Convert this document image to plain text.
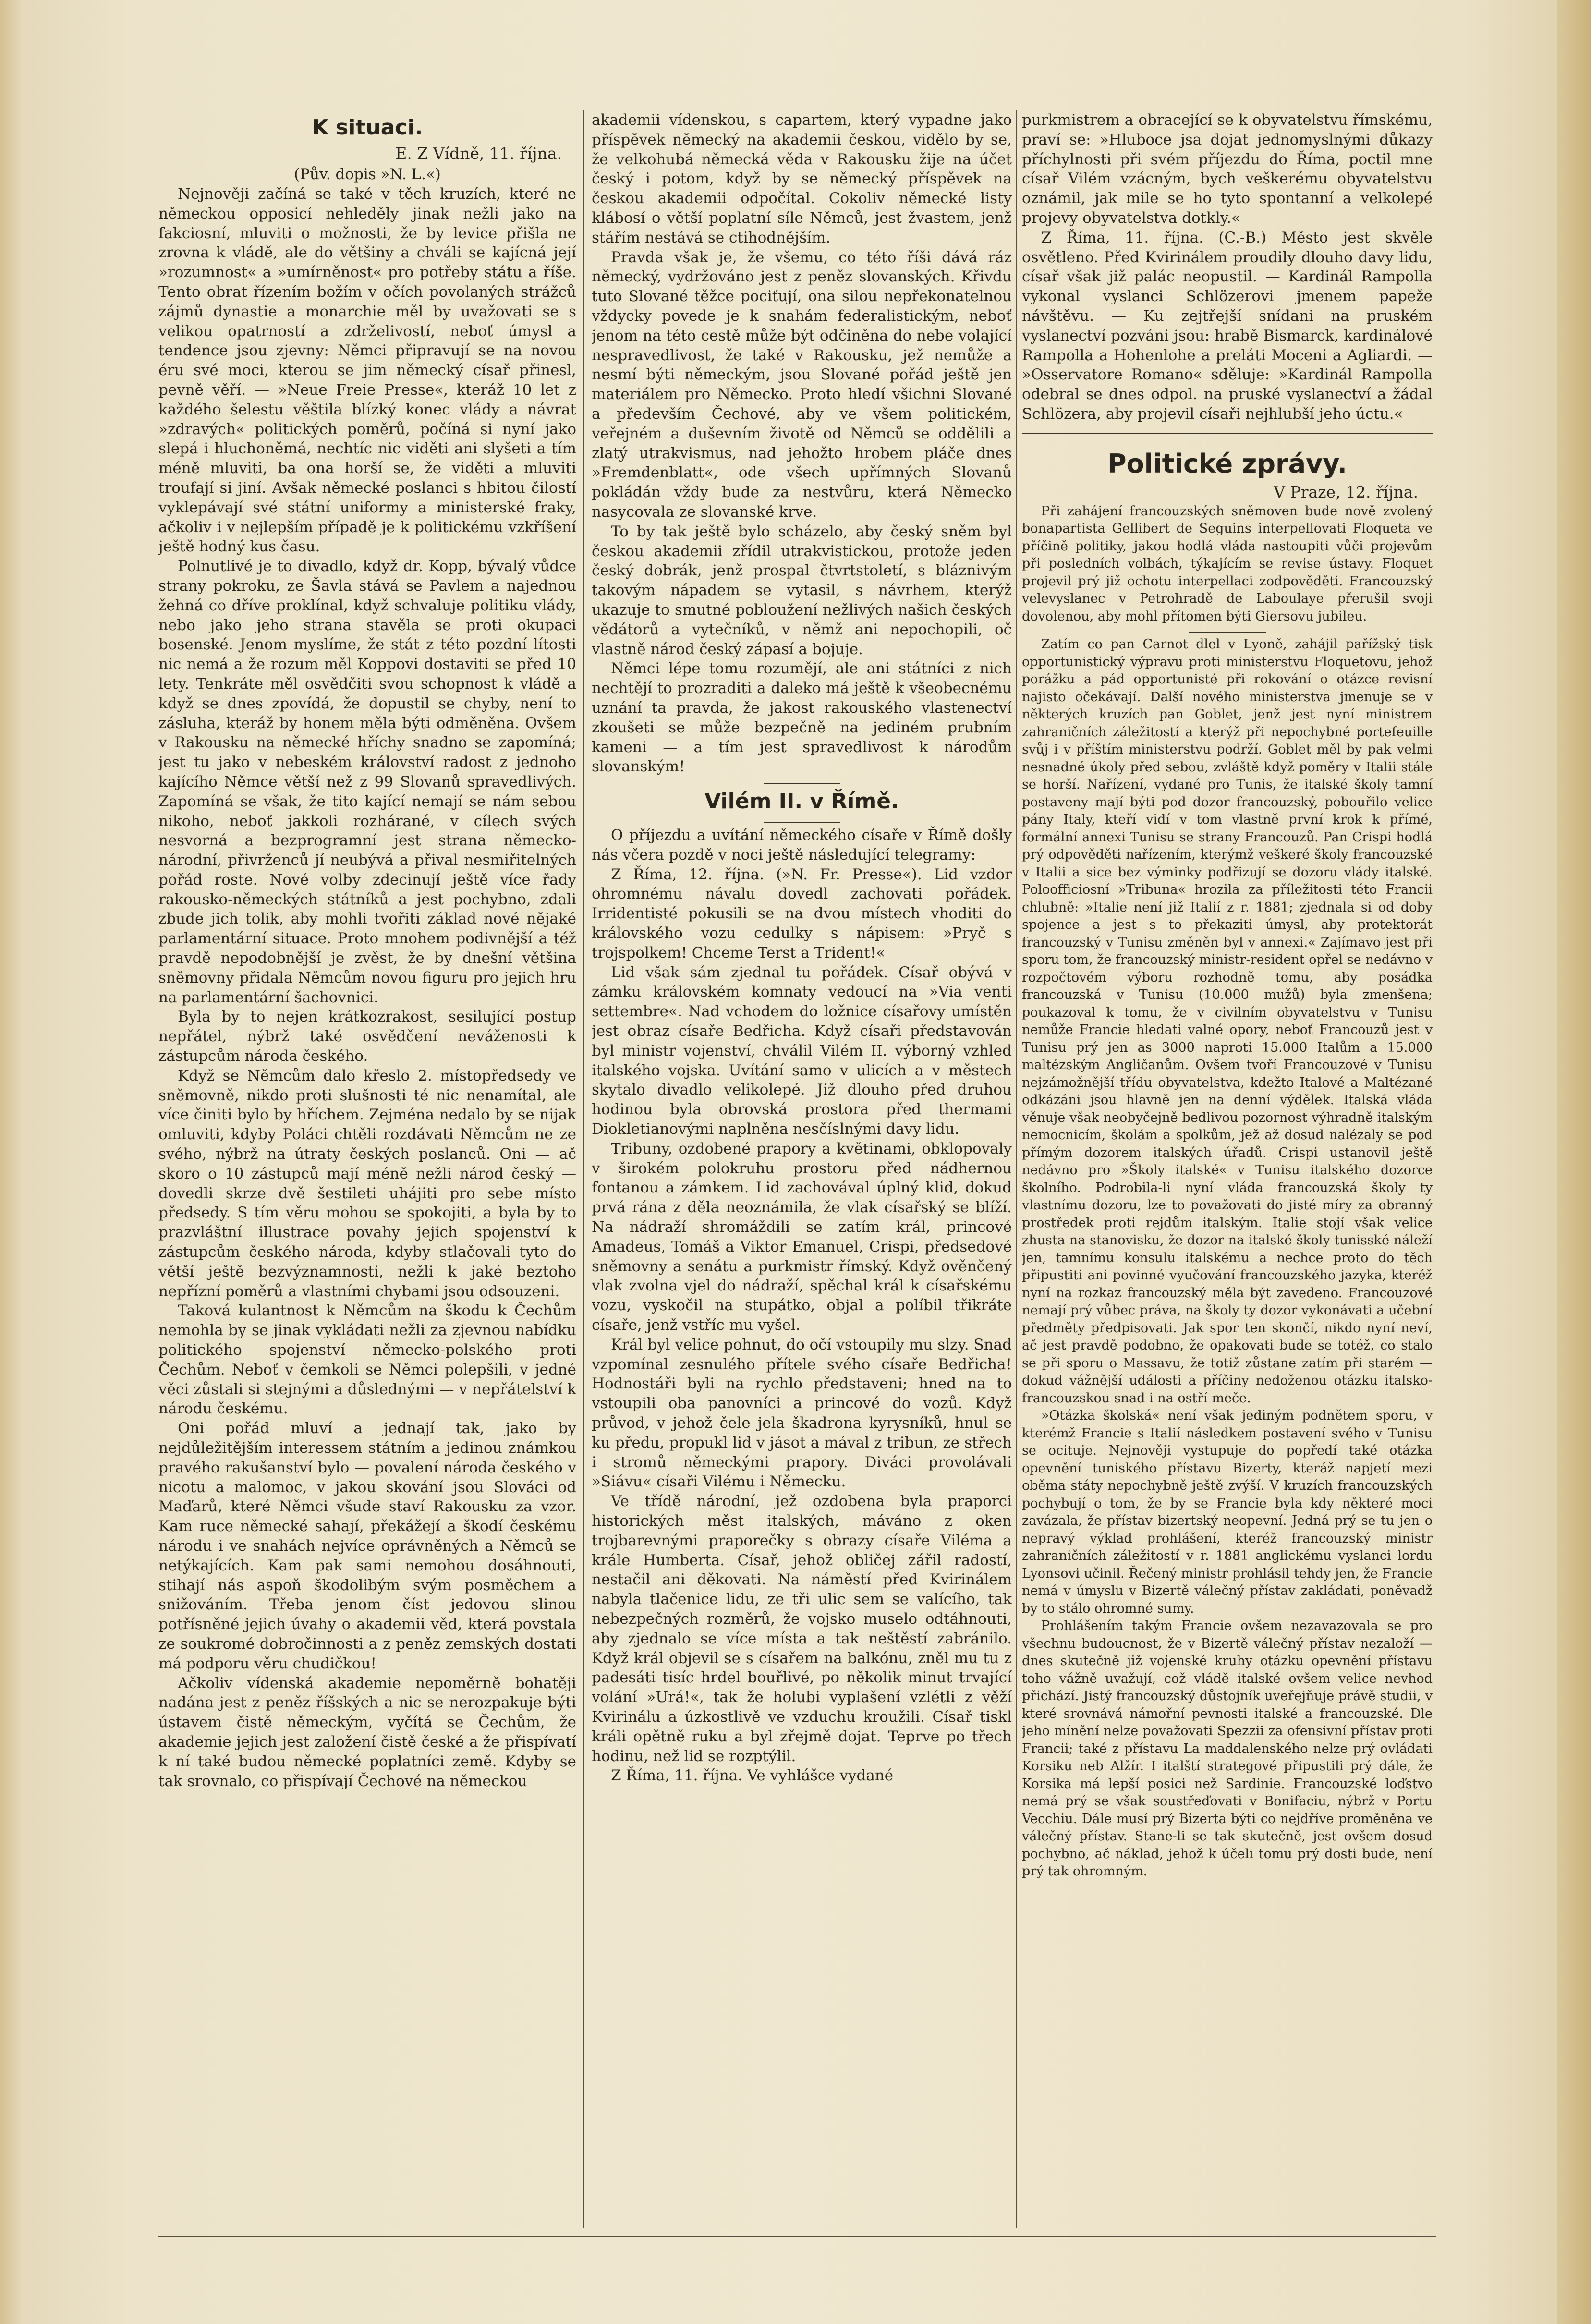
K situaci.
E. Z Vídně, 11. října.
(Pův. dopis »N. L.«)

Nejnověji začíná se také v těch kruzích, které ne německou opposicí nehleděly jinak nežli jako na fakciosní, mluviti o možnosti, že by levice přišla ne zrovna k vládě, ale do většiny a chváli se kajícná její »rozumnost« a »umírněnost« pro potřeby státu a říše. Tento obrat řízením božím v očích povolaných strážců zájmů dynastie a monarchie měl by uvažovati se s velikou opatrností a zdrželivostí, neboť úmysl a tendence jsou zjevny: Němci připravují se na novou éru své moci, kterou se jim německý císař přinesl, pevně věří. — »Neue Freie Presse«, kteráž 10 let z každého šelestu věštila blízký konec vlády a návrat »zdravých« politických poměrů, počíná si nyní jako slepá i hluchoněmá, nechtíc nic viděti ani slyšeti a tím méně mluviti, ba ona horší se, že viděti a mluviti troufají si jiní. Avšak německé poslanci s hbitou čilostí vyklepávají své státní uniformy a ministerské fraky, ačkoliv i v nejlepším případě je k politickému vzkříšení ještě hodný kus času.

Polnutlivé je to divadlo, když dr. Kopp, bývalý vůdce strany pokroku, ze Šavla stává se Pavlem a najednou žehná co dříve proklínal, když schvaluje politiku vlády, nebo jako jeho strana stavěla se proti okupaci bosenské. Jenom myslíme, že stát z této pozdní lítosti nic nemá a že rozum měl Koppovi dostaviti se před 10 lety. Tenkráte měl osvědčiti svou schopnost k vládě a když se dnes zpovídá, že dopustil se chyby, není to zásluha, kteráž by honem měla býti odměněna. Ovšem v Rakousku na německé hříchy snadno se zapomíná; jest tu jako v nebeském království radost z jednoho kajícího Němce větší než z 99 Slovanů spravedlivých. Zapomíná se však, že tito kající nemají se nám sebou nikoho, neboť jakkoli rozhárané, v cílech svých nesvorná a bezprogramní jest strana německo-národní, přivrženců jí neubývá a přival nesmiřitelných pořád roste. Nové volby zdecinují ještě více řady rakousko-německých státníků a jest pochybno, zdali zbude jich tolik, aby mohli tvořiti základ nové nějaké parlamentární situace. Proto mnohem podivnější a též pravdě nepodobnější je zvěst, že by dnešní většina sněmovny přidala Němcům novou figuru pro jejich hru na parlamentární šachovnici.

Byla by to nejen krátkozrakost, sesilující postup nepřátel, nýbrž také osvědčení neváženosti k zástupcům národa českého.

Když se Němcům dalo křeslo 2. místopředsedy ve sněmovně, nikdo proti slušnosti té nic nenamítal, ale více činiti bylo by hříchem. Zejména nedalo by se nijak omluviti, kdyby Poláci chtěli rozdávati Němcům ne ze svého, nýbrž na útraty českých poslanců. Oni — ač skoro o 10 zástupců mají méně nežli národ český — dovedli skrze dvě šestileti uhájiti pro sebe místo předsedy. S tím věru mohou se spokojiti, a byla by to prazvláštní illustrace povahy jejich spojenství k zástupcům českého národa, kdyby stlačovali tyto do větší ještě bezvýznamnosti, nežli k jaké beztoho nepřízní poměrů a vlastními chybami jsou odsouzeni.

Taková kulantnost k Němcům na škodu k Čechům nemohla by se jinak vykládati nežli za zjevnou nabídku politického spojenství německo-polského proti Čechům. Neboť v čemkoli se Němci polepšili, v jedné věci zůstali si stejnými a důslednými — v nepřátelství k národu českému.

Oni pořád mluví a jednají tak, jako by nejdůležitějším interessem státním a jedinou známkou pravého rakušanství bylo — povalení národa českého v nicotu a malomoc, v jakou skování jsou Slováci od Maďarů, které Němci všude staví Rakousku za vzor. Kam ruce německé sahají, překážejí a škodí českému národu i ve snahách nejvíce oprávněných a Němců se netýkajících. Kam pak sami nemohou dosáhnouti, stihají nás aspoň škodolibým svým posměchem a snižováním. Třeba jenom číst jedovou slinou potřísněné jejich úvahy o akademii věd, která povstala ze soukromé dobročinnosti a z peněz zemských dostati má podporu věru chudičkou!

Ačkoliv vídenská akademie nepoměrně bohatěji nadána jest z peněz říšských a nic se nerozpakuje býti ústavem čistě německým, vyčítá se Čechům, že akademie jejich jest založení čistě české a že přispívatí k ní také budou německé poplatníci země. Kdyby se tak srovnalo, co přispívají Čechové na německou

akademii vídenskou, s capartem, který vypadne jako příspěvek německý na akademii českou, vidělo by se, že velkohubá německá věda v Rakousku žije na účet český i potom, když by se německý příspěvek na českou akademii odpočítal. Cokoliv německé listy klábosí o větší poplatní síle Němců, jest žvastem, jenž stářím nestává se ctihodnějším.

Pravda však je, že všemu, co této říši dává ráz německý, vydržováno jest z peněz slovanských. Křivdu tuto Slované těžce pociťují, ona silou nepřekonatelnou vždycky povede je k snahám federalistickým, neboť jenom na této cestě může být odčiněna do nebe volající nespravedlivost, že také v Rakousku, jež nemůže a nesmí býti německým, jsou Slované pořád ještě jen materiálem pro Německo. Proto hledí všichni Slované a především Čechové, aby ve všem politickém, veřejném a duševním životě od Němců se oddělili a zlatý utrakvismus, nad jehožto hrobem pláče dnes »Fremdenblatt«, ode všech upřímných Slovanů pokládán vždy bude za nestvůru, která Německo nasycovala ze slovanské krve.

To by tak ještě bylo scházelo, aby český sněm byl českou akademii zřídil utrakvistickou, protože jeden český dobrák, jenž prospal čtvrtstoletí, s bláznivým takovým nápadem se vytasil, s návrhem, kterýž ukazuje to smutné pobloužení nežlivých našich českých vědátorů a vytečníků, v němž ani nepochopili, oč vlastně národ český zápasí a bojuje.

Němci lépe tomu rozumějí, ale ani státníci z nich nechtějí to prozraditi a daleko má ještě k všeobecnému uznání ta pravda, že jakost rakouského vlastenectví zkoušeti se může bezpečně na jediném prubním kameni — a tím jest spravedlivost k národům slovanským!

Vilém II. v Římě.

O příjezdu a uvítání německého císaře v Římě došly nás včera pozdě v noci ještě následující telegramy:

Z Říma, 12. října. (»N. Fr. Presse«). Lid vzdor ohromnému návalu dovedl zachovati pořádek. Irridentisté pokusili se na dvou místech vhoditi do královského vozu cedulky s nápisem: »Pryč s trojspolkem! Chceme Terst a Trident!«

Lid však sám zjednal tu pořádek. Císař obývá v zámku královském komnaty vedoucí na »Via venti settembre«. Nad vchodem do ložnice císařovy umístěn jest obraz císaře Bedřicha. Když císaři představován byl ministr vojenství, chválil Vilém II. výborný vzhled italského vojska. Uvítání samo v ulicích a v městech skytalo divadlo velikolepé. Již dlouho před druhou hodinou byla obrovská prostora před thermami Diokletianovými naplněna nesčíslnými davy lidu.

Tribuny, ozdobené prapory a květinami, obklopovaly v širokém polokruhu prostoru před nádhernou fontanou a zámkem. Lid zachovával úplný klid, dokud prvá rána z děla neoznámila, že vlak císařský se blíží. Na nádraží shromáždili se zatím král, princové Amadeus, Tomáš a Viktor Emanuel, Crispi, předsedové sněmovny a senátu a purkmistr římský. Když ověnčený vlak zvolna vjel do nádraží, spěchal král k císařskému vozu, vyskočil na stupátko, objal a políbil třikráte císaře, jenž vstříc mu vyšel.

Král byl velice pohnut, do očí vstoupily mu slzy. Snad vzpomínal zesnulého přítele svého císaře Bedřicha! Hodnostáři byli na rychlo představeni; hned na to vstoupili oba panovníci a princové do vozů. Když průvod, v jehož čele jela škadrona kyrysníků, hnul se ku předu, propukl lid v jásot a mával z tribun, ze střech i stromů německými prapory. Diváci provolávali »Siávu« císaři Vilému i Německu.

Ve třídě národní, jež ozdobena byla praporci historických měst italských, máváno z oken trojbarevnými praporečky s obrazy císaře Viléma a krále Humberta. Císař, jehož obličej zářil radostí, nestačil ani děkovati. Na náměstí před Kvirinálem nabyla tlačenice lidu, ze tři ulic sem se valícího, tak nebezpečných rozměrů, že vojsko muselo odtáhnouti, aby zjednalo se více místa a tak neštěstí zabránilo. Když král objevil se s císařem na balkónu, zněl mu tu z padesáti tisíc hrdel bouřlivé, po několik minut trvající volání »Urá!«, tak že holubi vyplašení vzlétli z věží Kvirinálu a úzkostlivě ve vzduchu kroužili. Císař tiskl králi opětně ruku a byl zřejmě dojat. Teprve po třech hodinu, než lid se rozptýlil.

Z Říma, 11. října. Ve vyhlášce vydané

purkmistrem a obracející se k obyvatelstvu římskému, praví se: »Hluboce jsa dojat jednomyslnými důkazy příchylnosti při svém příjezdu do Říma, poctil mne císař Vilém vzácným, bych veškerému obyvatelstvu oznámil, jak mile se ho tyto spontanní a velkolepé projevy obyvatelstva dotkly.«

Z Říma, 11. října. (C.-B.) Město jest skvěle osvětleno. Před Kvirinálem proudily dlouho davy lidu, císař však již palác neopustil. — Kardinál Rampolla vykonal vyslanci Schlözerovi jmenem papeže návštěvu. — Ku zejtřejší snídani na pruském vyslanectví pozváni jsou: hrabě Bismarck, kardinálové Rampolla a Hohenlohe a preláti Moceni a Agliardi. — »Osservatore Romano« sděluje: »Kardinál Rampolla odebral se dnes odpol. na pruské vyslanectví a žádal Schlözera, aby projevil císaři nejhlubší jeho úctu.«

Politické zprávy.
V Praze, 12. října.

Při zahájení francouzských sněmoven bude nově zvolený bonapartista Gellibert de Seguins interpellovati Floqueta ve příčině politiky, jakou hodlá vláda nastoupiti vůči projevům při posledních volbách, týkajícím se revise ústavy. Floquet projevil prý již ochotu interpellaci zodpověděti. Francouzský velevyslanec v Petrohradě de Laboulaye přerušil svoji dovolenou, aby mohl přítomen býti Giersovu jubileu.

Zatím co pan Carnot dlel v Lyoně, zahájil pařížský tisk opportunistický výpravu proti ministerstvu Floquetovu, jehož porážku a pád opportunisté při rokování o otázce revisní najisto očekávají. Další nového ministerstva jmenuje se v některých kruzích pan Goblet, jenž jest nyní ministrem zahraničních záležitostí a kterýž při nepochybné portefeuille svůj i v příštím ministerstvu podrží. Goblet měl by pak velmi nesnadné úkoly před sebou, zvláště když poměry v Italii stále se horší. Nařízení, vydané pro Tunis, že italské školy tamní postaveny mají býti pod dozor francouzský, pobouřilo velice pány Italy, kteří vidí v tom vlastně první krok k přímé, formální annexi Tunisu se strany Francouzů. Pan Crispi hodlá prý odpověděti nařízením, kterýmž veškeré školy francouzské v Italii a sice bez výminky podřizují se dozoru vlády italské. Poloofficiosní »Tribuna« hrozila za příležitosti této Francii chlubně: »Italie není již Italií z r. 1881; zjednala si od doby spojence a jest s to překaziti úmysl, aby protektorát francouzský v Tunisu změněn byl v annexi.« Zajímavo jest při sporu tom, že francouzský ministr-resident opřel se nedávno v rozpočtovém výboru rozhodně tomu, aby posádka francouzská v Tunisu (10.000 mužů) byla zmenšena; poukazoval k tomu, že v civilním obyvatelstvu v Tunisu nemůže Francie hledati valné opory, neboť Francouzů jest v Tunisu prý jen as 3000 naproti 15.000 Italům a 15.000 maltézským Angličanům. Ovšem tvoří Francouzové v Tunisu nejzámožnější třídu obyvatelstva, kdežto Italové a Maltézané odkázáni jsou hlavně jen na denní výdělek. Italská vláda věnuje však neobyčejně bedlivou pozornost výhradně italským nemocnicím, školám a spolkům, jež až dosud nalézaly se pod přímým dozorem italských úřadů. Crispi ustanovil ještě nedávno pro »Školy italské« v Tunisu italského dozorce školního. Podrobila-li nyní vláda francouzská školy ty vlastnímu dozoru, lze to považovati do jisté míry za obranný prostředek proti rejdům italským. Italie stojí však velice zhusta na stanovisku, že dozor na italské školy tunisské náleží jen, tamnímu konsulu italskému a nechce proto do těch připustiti ani povinné vyučování francouzského jazyka, kteréž nyní na rozkaz francouzský měla být zavedeno. Francouzové nemají prý vůbec práva, na školy ty dozor vykonávati a učební předměty předpisovati. Jak spor ten skončí, nikdo nyní neví, ač jest pravdě podobno, že opakovati bude se totéž, co stalo se při sporu o Massavu, že totiž zůstane zatím při starém — dokud vážnější události a příčiny nedoženou otázku italsko-francouzskou snad i na ostří meče.

»Otázka školská« není však jediným podnětem sporu, v kterémž Francie s Italií následkem postavení svého v Tunisu se ocituje. Nejnověji vystupuje do popředí také otázka opevnění tuniského přístavu Bizerty, kteráž napjetí mezi oběma státy nepochybně ještě zvýší. V kruzích francouzských pochybují o tom, že by se Francie byla kdy některé moci zavázala, že přístav bizertský neopevní. Jedná prý se tu jen o nepravý výklad prohlášení, kteréž francouzský ministr zahraničních záležitostí v r. 1881 anglickému vyslanci lordu Lyonsovi učinil. Řečený ministr prohlásil tehdy jen, že Francie nemá v úmyslu v Bizertě válečný přístav zakládati, poněvadž by to stálo ohromné sumy.

Prohlášením takým Francie ovšem nezavazovala se pro všechnu budoucnost, že v Bizertě válečný přístav nezaloží — dnes skutečně již vojenské kruhy otázku opevnění přístavu toho vážně uvažují, což vládě italské ovšem velice nevhod přichází. Jistý francouzský důstojník uveřejňuje právě studii, v které srovnává námořní pevnosti italské a francouzské. Dle jeho mínění nelze považovati Spezzii za ofensivní přístav proti Francii; také z přístavu La maddalenského nelze prý ovládati Korsiku neb Alžír. I italští strategové připustili prý dále, že Korsika má lepší posici než Sardinie. Francouzské loďstvo nemá prý se však soustřeďovati v Bonifaciu, nýbrž v Portu Vecchiu. Dále musí prý Bizerta býti co nejdříve proměněna ve válečný přístav. Stane-li se tak skutečně, jest ovšem dosud pochybno, ač náklad, jehož k účeli tomu prý dosti bude, není prý tak ohromným.
